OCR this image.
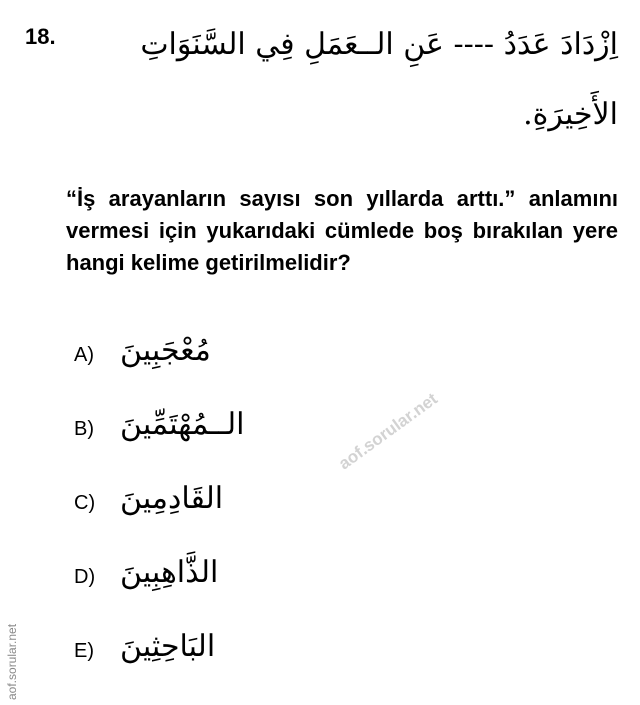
18.	اِزْدَادَ عَدَدُ ---- عَنِ الــعَمَلِ فِي السَّنَوَاتِ
الأَخِيرَةِ.
“İş arayanların sayısı son yıllarda arttı.” anlamını vermesi için yukarıdaki cümlede boş bırakılan yere hangi kelime getirilmelidir?
A) مُعْجَبِينَ
B) الــمُهْتَمِّينَ
C) القَادِمِينَ
D) الذَّاهِبِينَ
E) البَاحِثِينَ
aof.sorular.net
aof.sorular.net
